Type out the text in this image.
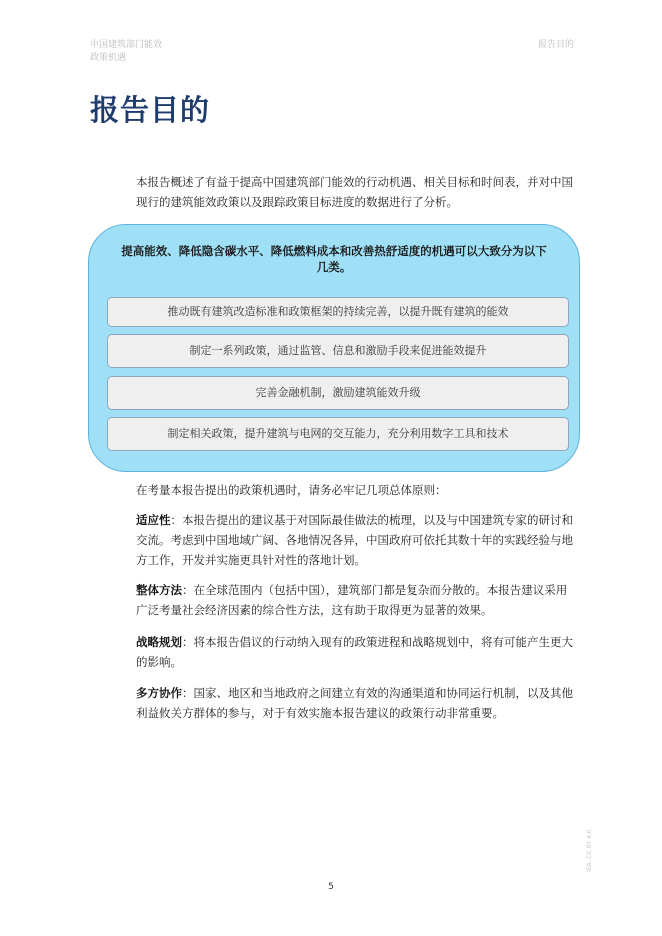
中国建筑部门能效
政策机遇
报告目的
报告目的

本报告概述了有益于提高中国建筑部门能效的行动机遇、相关目标和时间表，并对中国现行的建筑能效政策以及跟踪政策目标进度的数据进行了分析。

提高能效、降低隐含碳水平、降低燃料成本和改善热舒适度的机遇可以大致分为以下几类。
推动既有建筑改造标准和政策框架的持续完善，以提升既有建筑的能效
制定一系列政策，通过监管、信息和激励手段来促进能效提升
完善金融机制，激励建筑能效升级
制定相关政策，提升建筑与电网的交互能力，充分利用数字工具和技术

在考量本报告提出的政策机遇时，请务必牢记几项总体原则：

适应性：本报告提出的建议基于对国际最佳做法的梳理，以及与中国建筑专家的研讨和交流。考虑到中国地域广阔、各地情况各异，中国政府可依托其数十年的实践经验与地方工作，开发并实施更具针对性的落地计划。

整体方法：在全球范围内（包括中国），建筑部门都是复杂而分散的。本报告建议采用广泛考量社会经济因素的综合性方法，这有助于取得更为显著的效果。

战略规划：将本报告倡议的行动纳入现有的政策进程和战略规划中，将有可能产生更大的影响。

多方协作：国家、地区和当地政府之间建立有效的沟通渠道和协同运行机制，以及其他利益攸关方群体的参与，对于有效实施本报告建议的政策行动非常重要。

5
IEA. CC BY 4.0.
